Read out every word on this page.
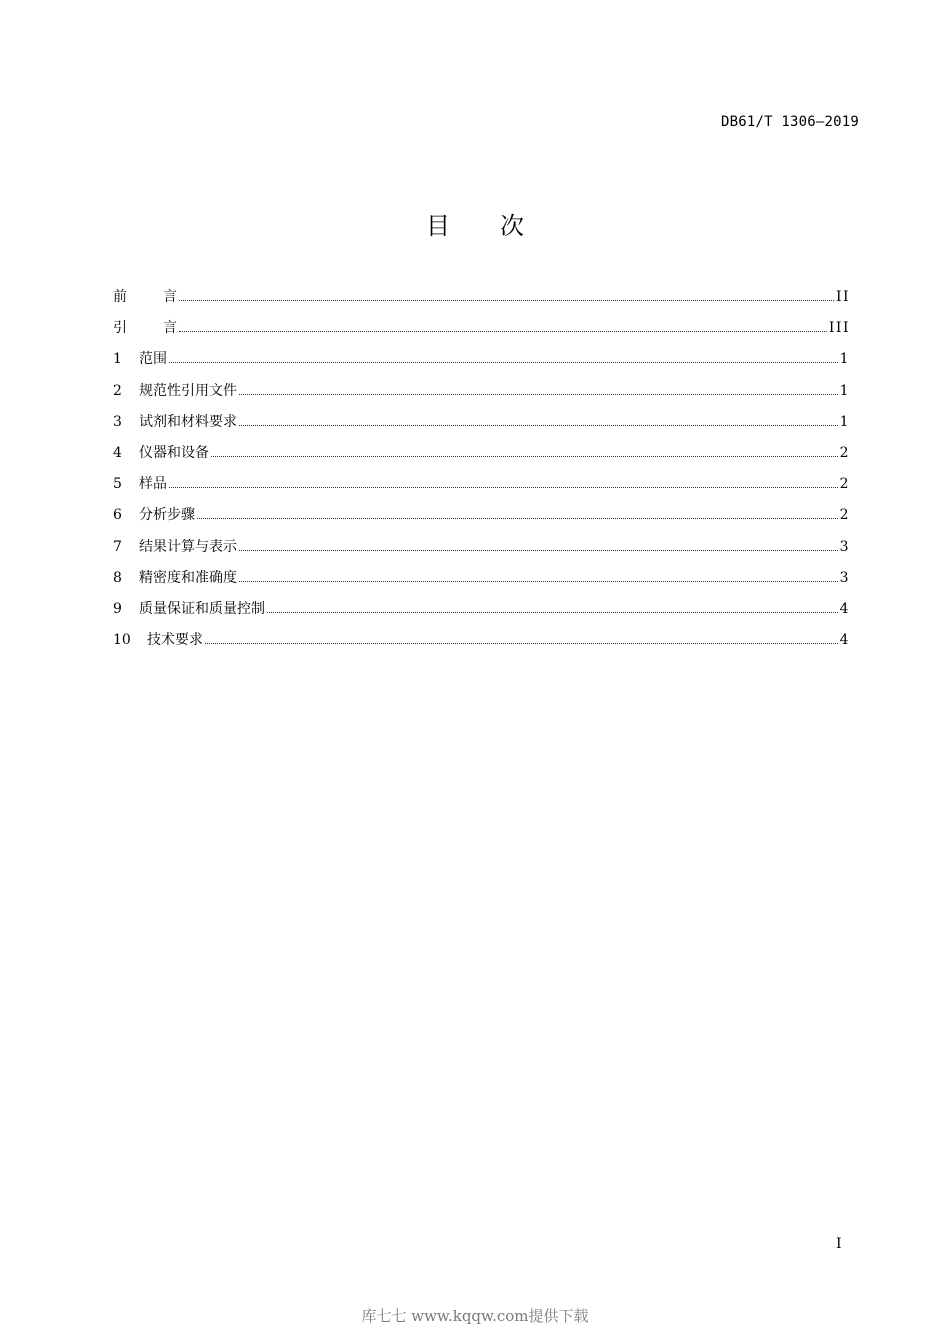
DB61/T 1306—2019
目 次
前	言	II
引	言	III
1	范围	1
2	规范性引用文件	1
3	试剂和材料要求	1
4	仪器和设备	2
5	样品	2
6	分析步骤	2
7	结果计算与表示	3
8	精密度和准确度	3
9	质量保证和质量控制	4
10	技术要求	4
I
库七七 www.kqqw.com提供下载
